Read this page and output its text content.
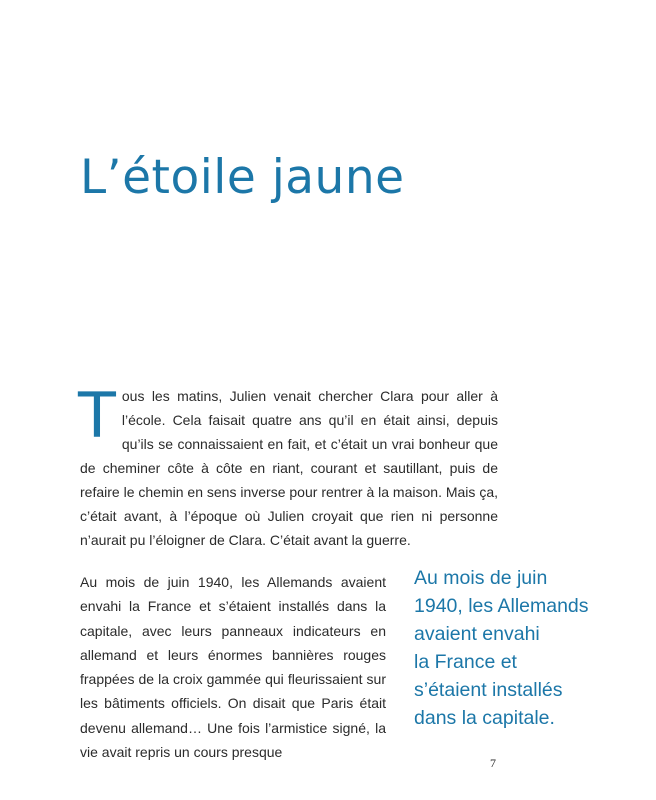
L’étoile jaune

Tous les matins, Julien venait chercher Clara pour aller à l’école. Cela faisait quatre ans qu’il en était ainsi, depuis qu’ils se connaissaient en fait, et c’était un vrai bonheur que de cheminer côte à côte en riant, courant et sautillant, puis de refaire le chemin en sens inverse pour rentrer à la maison. Mais ça, c’était avant, à l’époque où Julien croyait que rien ni personne n’aurait pu l’éloigner de Clara. C’était avant la guerre.

Au mois de juin 1940, les Allemands avaient envahi la France et s’étaient installés dans la capitale, avec leurs panneaux indicateurs en allemand et leurs énormes bannières rouges frappées de la croix gammée qui fleurissaient sur les bâtiments officiels. On disait que Paris était devenu allemand… Une fois l’armistice signé, la vie avait repris un cours presque

Au mois de juin
1940, les Allemands
avaient envahi
la France et
s’étaient installés
dans la capitale.

7
